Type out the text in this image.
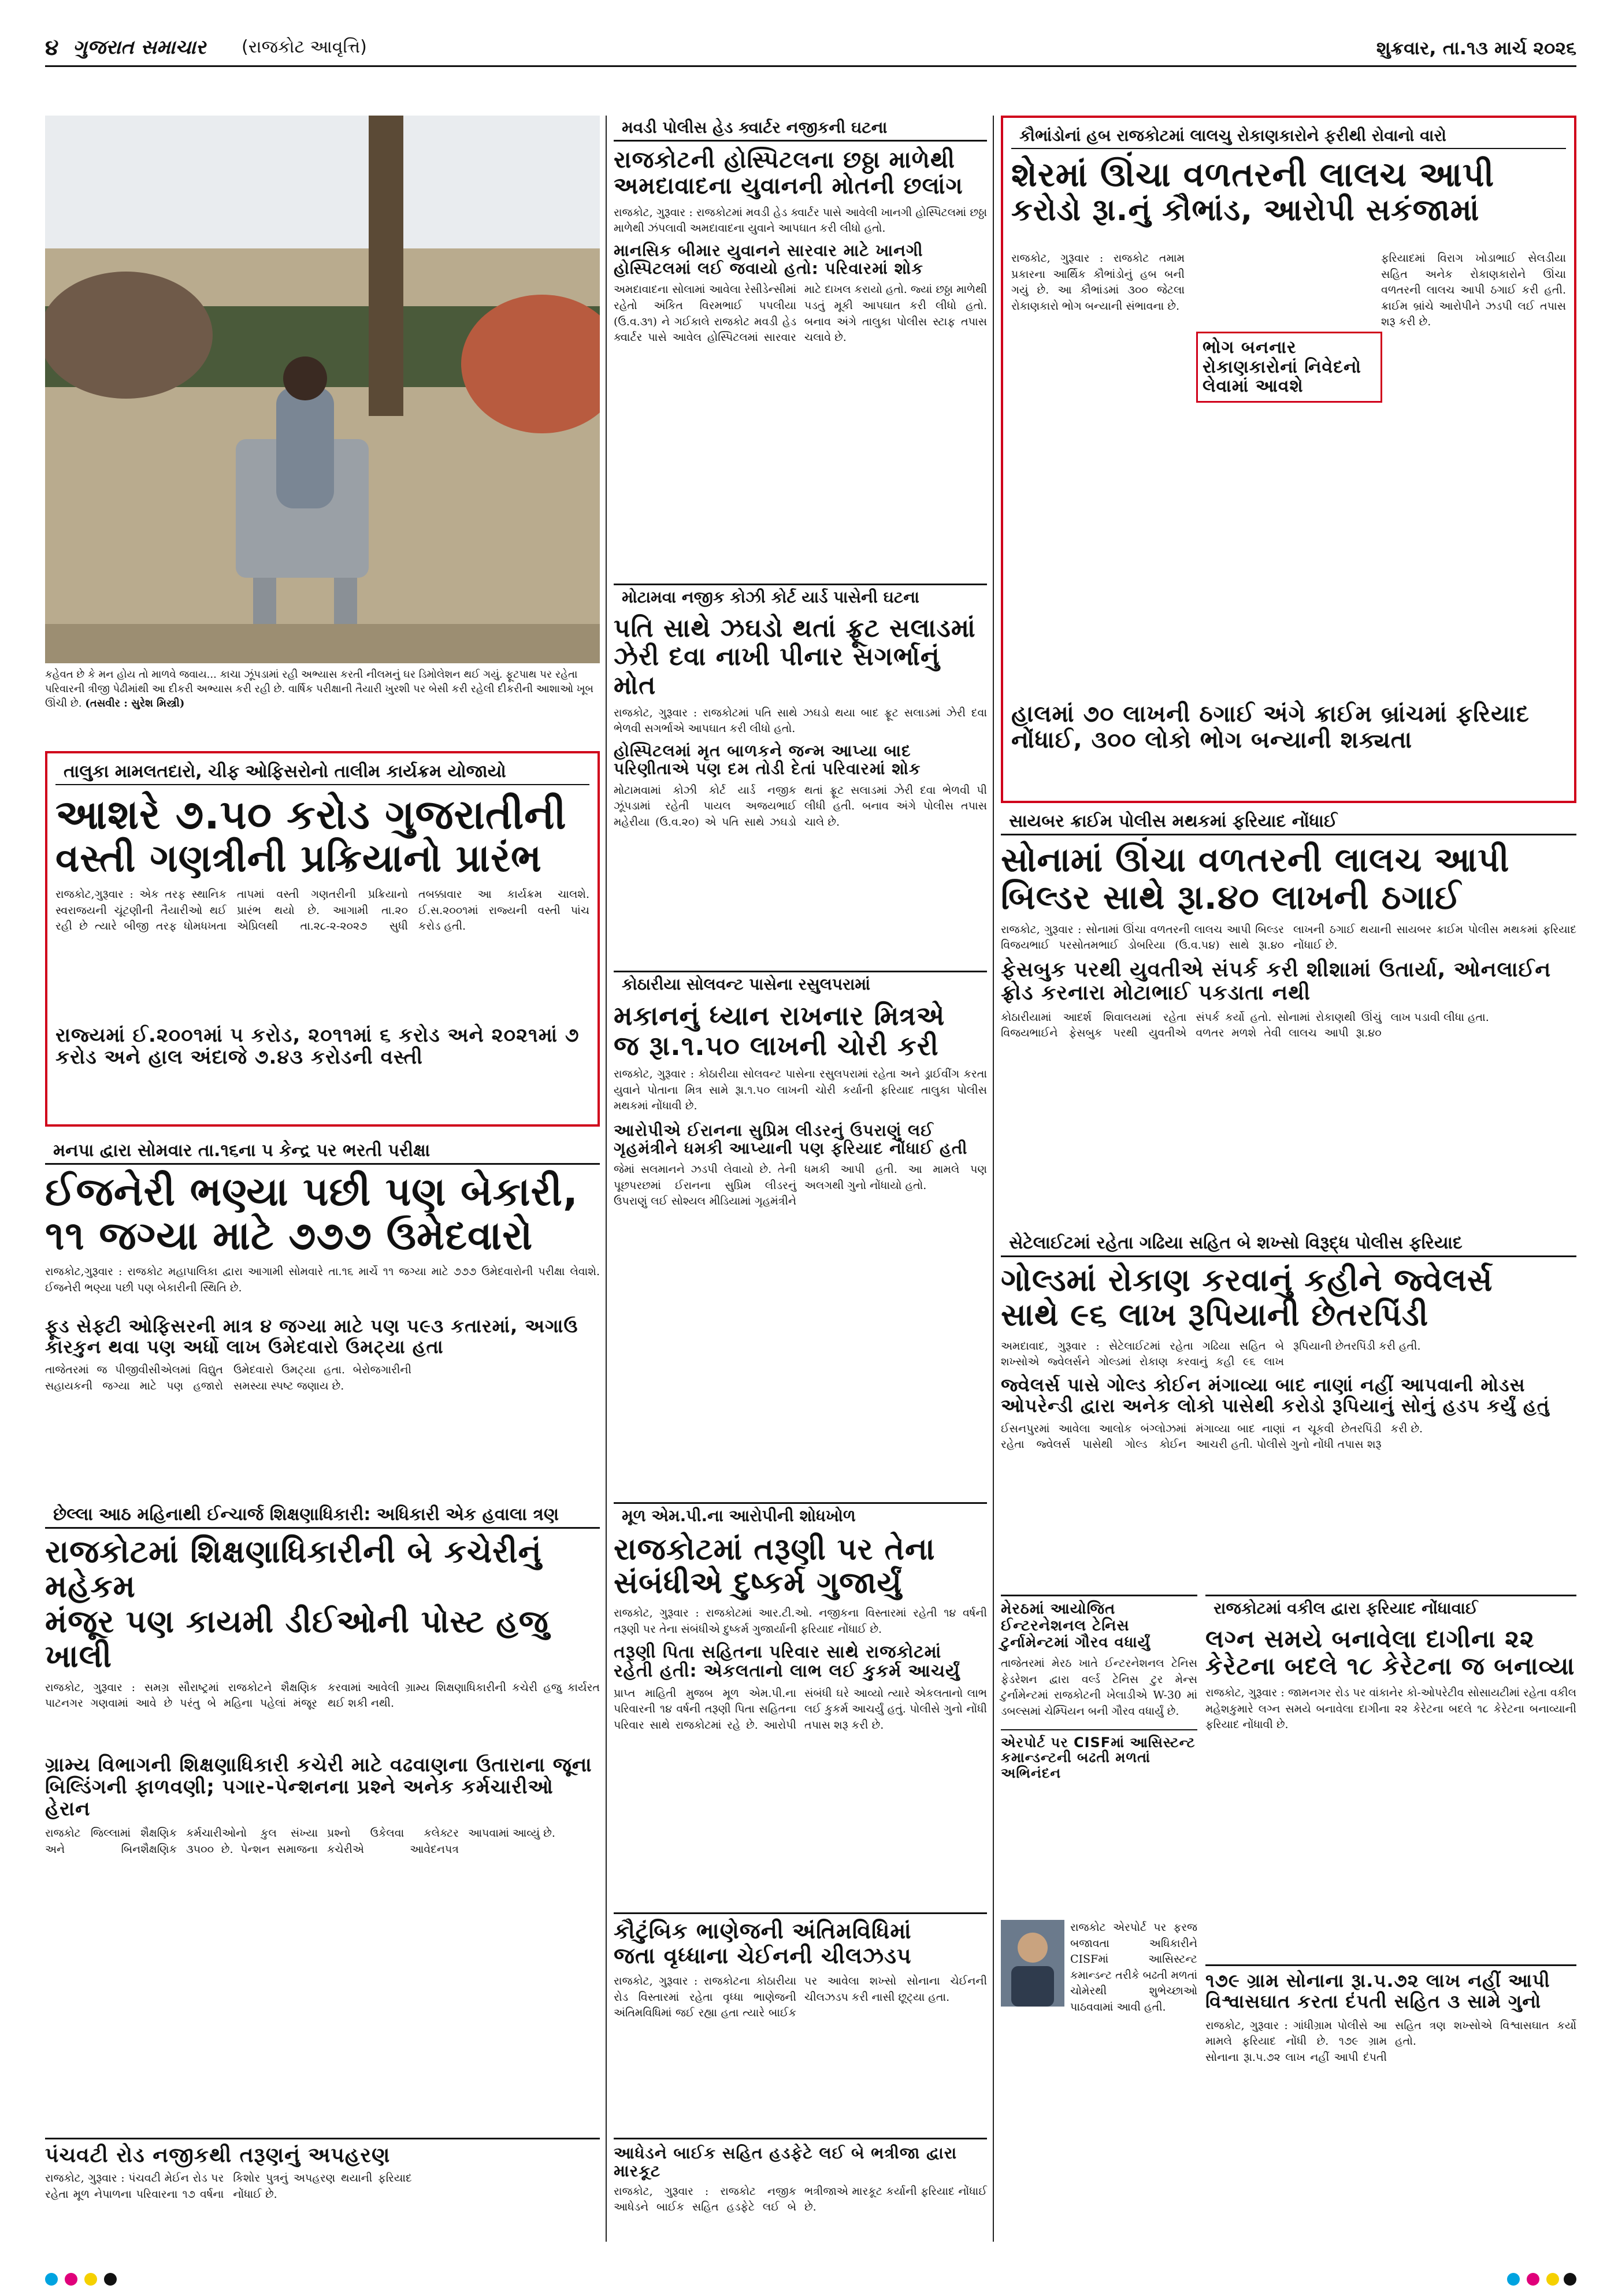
૪ ગુજરાત સમાચાર (રાજકોટ આવૃત્તિ)	શુક્રવાર, તા.૧૩ માર્ચ ૨૦૨૬
કહેવત છે કે મન હોય તો માળવે જવાય... કાચા ઝૂંપડામાં રહી અભ્યાસ કરતી નીલમનું ઘર ડિમોલેશન થઈ ગયું. ફૂટપાથ પર રહેતા પરિવારની ત્રીજી પેઢીમાંથી આ દીકરી અભ્યાસ કરી રહી છે. વાર્ષિક પરીક્ષાની તૈયારી ખુરશી પર બેસી કરી રહેલી દીકરીની આશાઓ ખૂબ ઊંચી છે. (તસવીર : સુરેશ મિસ્ત્રી)
તાલુકા મામલતદારો, ચીફ ઓફિસરોનો તાલીમ કાર્યક્રમ યોજાયો
આશરે ૭.૫૦ કરોડ ગુજરાતીની
વસ્તી ગણત્રીની પ્રક્રિયાનો પ્રારંભ

રાજકોટ,ગુરૂવાર : એક તરફ સ્થાનિક સ્વરાજયની ચૂંટણીની તૈયારીઓ થઈ રહી છે ત્યારે બીજી તરફ ધોમધખતા તાપમાં વસ્તી ગણતરીની પ્રક્રિયાનો પ્રારંભ થયો છે. આગામી તા.૨૦ એપ્રિલથી તા.૨૮-૨-૨૦૨૭ સુધી તબક્કાવાર આ કાર્યક્રમ ચાલશે. ઈ.સ.૨૦૦૧માં રાજ્યની વસ્તી પાંચ કરોડ હતી.

રાજ્યમાં ઈ.૨૦૦૧માં ૫ કરોડ, ૨૦૧૧માં ૬ કરોડ અને ૨૦૨૧માં ૭ કરોડ અને હાલ અંદાજે ૭.૪૩ કરોડની વસ્તી

મનપા દ્વારા સોમવાર તા.૧૬ના ૫ કેન્દ્ર પર ભરતી પરીક્ષા
ઈજનેરી ભણ્યા પછી પણ બેકારી,
૧૧ જગ્યા માટે ૭૭૭ ઉમેદવારો

રાજકોટ,ગુરૂવાર : રાજકોટ મહાપાલિકા દ્વારા આગામી સોમવારે તા.૧૬ માર્ચે ૧૧ જગ્યા માટે ૭૭૭ ઉમેદવારોની પરીક્ષા લેવાશે. ઈજનેરી ભણ્યા પછી પણ બેકારીની સ્થિતિ છે.

ફૂડ સેફ્ટી ઓફિસરની માત્ર ૪ જગ્યા માટે પણ ૫૯૩ કતારમાં, અગાઉ કારકુન થવા પણ અર્ધો લાખ ઉમેદવારો ઉમટ્યા હતા

તાજેતરમાં જ પીજીવીસીએલમાં વિદ્યુત સહાયકની જગ્યા માટે પણ હજારો ઉમેદવારો ઉમટ્યા હતા. બેરોજગારીની સમસ્યા સ્પષ્ટ જણાય છે.

છેલ્લા આઠ મહિનાથી ઈન્ચાર્જ શિક્ષણાધિકારી: અધિકારી એક હવાલા ત્રણ
રાજકોટમાં શિક્ષણાધિકારીની બે કચેરીનું મહેકમ
મંજૂર પણ કાયમી ડીઈઓની પોસ્ટ હજુ ખાલી

રાજકોટ, ગુરૂવાર : સમગ્ર સૌરાષ્ટ્રમાં રાજકોટને શૈક્ષણિક પાટનગર ગણવામાં આવે છે પરંતુ બે મહિના પહેલાં મંજૂર કરવામાં આવેલી ગ્રામ્ય શિક્ષણાધિકારીની કચેરી હજુ કાર્યરત થઈ શકી નથી.

ગ્રામ્ય વિભાગની શિક્ષણાધિકારી કચેરી માટે વઢવાણના ઉતારાના જૂના બિલ્ડિંગની ફાળવણી; પગાર-પેન્શનના પ્રશ્ને અનેક કર્મચારીઓ હેરાન

રાજકોટ જિલ્લામાં શૈક્ષણિક અને બિનશૈક્ષણિક કર્મચારીઓનો કુલ સંખ્યા ૩૫૦૦ છે. પેન્શન સમાજના પ્રશ્નો ઉકેલવા કલેક્ટર કચેરીએ આવેદનપત્ર આપવામાં આવ્યું છે.

પંચવટી રોડ નજીકથી તરૂણનું અપહરણ

રાજકોટ, ગુરૂવાર : પંચવટી મેઈન રોડ પર રહેતા મૂળ નેપાળના પરિવારના ૧૭ વર્ષના કિશોર પુત્રનું અપહરણ થયાની ફરિયાદ નોંધાઈ છે.

મવડી પોલીસ હેડ ક્વાર્ટર નજીકની ઘટના
રાજકોટની હોસ્પિટલના છઠ્ઠા માળેથી
અમદાવાદના યુવાનની મોતની છલાંગ

રાજકોટ, ગુરૂવાર : રાજકોટમાં મવડી હેડ ક્વાર્ટર પાસે આવેલી ખાનગી હોસ્પિટલમાં છઠ્ઠા માળેથી ઝંપલાવી અમદાવાદના યુવાને આપઘાત કરી લીધો હતો.

માનસિક બીમાર યુવાનને સારવાર માટે ખાનગી હોસ્પિટલમાં લઈ જવાયો હતો: પરિવારમાં શોક

અમદાવાદના સોલામાં આવેલા રેસીડેન્સીમાં રહેતો અંકિત વિરમભાઈ પપલીયા (ઉ.વ.૩૧) ને ગઈકાલે રાજકોટ મવડી હેડ ક્વાર્ટર પાસે આવેલ હોસ્પિટલમાં સારવાર માટે દાખલ કરાયો હતો. જ્યાં છઠ્ઠા માળેથી પડતું મૂકી આપઘાત કરી લીધો હતો. બનાવ અંગે તાલુકા પોલીસ સ્ટાફ તપાસ ચલાવે છે.

મોટામવા નજીક કોઝી કોર્ટ યાર્ડ પાસેની ઘટના
પતિ સાથે ઝઘડો થતાં ફ્રૂટ સલાડમાં
ઝેરી દવા નાખી પીનાર સગર્ભાનું મોત

રાજકોટ, ગુરૂવાર : રાજકોટમાં પતિ સાથે ઝઘડો થયા બાદ ફ્રૂટ સલાડમાં ઝેરી દવા ભેળવી સગર્ભાએ આપઘાત કરી લીધો હતો.

હોસ્પિટલમાં મૃત બાળકને જન્મ આપ્યા બાદ પરિણીતાએ પણ દમ તોડી દેતાં પરિવારમાં શોક

મોટામવામાં કોઝી કોર્ટ યાર્ડ નજીક ઝૂંપડામાં રહેતી પાયલ અજયભાઈ મહેરીયા (ઉ.વ.૨૦) એ પતિ સાથે ઝઘડો થતાં ફ્રૂટ સલાડમાં ઝેરી દવા ભેળવી પી લીધી હતી. બનાવ અંગે પોલીસ તપાસ ચાલે છે.

કોઠારીયા સોલવન્ટ પાસેના રસુલપરામાં
મકાનનું ધ્યાન રાખનાર મિત્રએ
જ રૂા.૧.૫૦ લાખની ચોરી કરી

રાજકોટ, ગુરૂવાર : કોઠારીયા સોલવન્ટ પાસેના રસુલપરામાં રહેતા અને ડ્રાઈવીંગ કરતા યુવાને પોતાના મિત્ર સામે રૂા.૧.૫૦ લાખની ચોરી કર્યાની ફરિયાદ તાલુકા પોલીસ મથકમાં નોંધાવી છે.

આરોપીએ ઈરાનના સુપ્રિમ લીડરનું ઉપરાણું લઈ ગૃહમંત્રીને ધમકી આપ્યાની પણ ફરિયાદ નોંધાઈ હતી

જેમાં સલમાનને ઝડપી લેવાયો છે. તેની પૂછપરછમાં ઈરાનના સુપ્રિમ લીડરનું ઉપરાણું લઈ સોશ્યલ મીડિયામાં ગૃહમંત્રીને ધમકી આપી હતી. આ મામલે પણ અલગથી ગુનો નોંધાયો હતો.

મૂળ એમ.પી.ના આરોપીની શોધખોળ
રાજકોટમાં તરૂણી પર તેના
સંબંધીએ દુષ્કર્મ ગુજાર્યું

રાજકોટ, ગુરૂવાર : રાજકોટમાં આર.ટી.ઓ. નજીકના વિસ્તારમાં રહેતી ૧૪ વર્ષની તરૂણી પર તેના સંબંધીએ દુષ્કર્મ ગુજાર્યાની ફરિયાદ નોંધાઈ છે.

તરૂણી પિતા સહિતના પરિવાર સાથે રાજકોટમાં રહેતી હતી: એકલતાનો લાભ લઈ કુકર્મ આચર્યું

પ્રાપ્ત માહિતી મુજબ મૂળ એમ.પી.ના પરિવારની ૧૪ વર્ષની તરૂણી પિતા સહિતના પરિવાર સાથે રાજકોટમાં રહે છે. આરોપી સંબંધી ઘરે આવ્યો ત્યારે એકલતાનો લાભ લઈ કુકર્મ આચર્યું હતું. પોલીસે ગુનો નોંધી તપાસ શરૂ કરી છે.

કૌટુંબિક ભાણેજની અંતિમવિધિમાં
જતા વૃધ્ધાના ચેઈનની ચીલઝડપ

રાજકોટ, ગુરૂવાર : રાજકોટના કોઠારીયા રોડ વિસ્તારમાં રહેતા વૃધ્ધા ભાણેજની અંતિમવિધિમાં જઈ રહ્યા હતા ત્યારે બાઈક પર આવેલા શખ્સો સોનાના ચેઈનની ચીલઝડપ કરી નાસી છૂટ્યા હતા.

આધેડને બાઈક સહિત હડફેટે લઈ બે ભત્રીજા દ્વારા મારકૂટ

રાજકોટ, ગુરૂવાર : રાજકોટ નજીક આધેડને બાઈક સહિત હડફેટે લઈ બે ભત્રીજાએ મારકૂટ કર્યાની ફરિયાદ નોંધાઈ છે.

કૌભાંડોનાં હબ રાજકોટમાં લાલચુ રોકાણકારોને ફરીથી રોવાનો વારો
શેરમાં ઊંચા વળતરની લાલચ આપી
કરોડો રૂા.નું કૌભાંડ, આરોપી સકંજામાં

રાજકોટ, ગુરૂવાર : રાજકોટ તમામ પ્રકારના આર્થિક કૌભાંડોનું હબ બની ગયું છે. આ કૌભાંડમાં ૩૦૦ જેટલા રોકાણકારો ભોગ બન્યાની સંભાવના છે.

ભોગ બનનાર રોકાણકારોનાં નિવેદનો લેવામાં આવશે

ફરિયાદમાં વિરાગ ખોડાભાઈ સેલડીયા સહિત અનેક રોકાણકારોને ઊંચા વળતરની લાલચ આપી ઠગાઈ કરી હતી. ક્રાઈમ બ્રાંચે આરોપીને ઝડપી લઈ તપાસ શરૂ કરી છે.

હાલમાં ૭૦ લાખની ઠગાઈ અંગે ક્રાઈમ બ્રાંચમાં ફરિયાદ નોંધાઈ, ૩૦૦ લોકો ભોગ બન્યાની શક્યતા

સાયબર ક્રાઈમ પોલીસ મથકમાં ફરિયાદ નોંધાઈ
સોનામાં ઊંચા વળતરની લાલચ આપી
બિલ્ડર સાથે રૂા.૪૦ લાખની ઠગાઈ

રાજકોટ, ગુરૂવાર : સોનામાં ઊંચા વળતરની લાલચ આપી બિલ્ડર વિજયભાઈ પરસોતમભાઈ ડોબરિયા (ઉ.વ.૫૪) સાથે રૂા.૪૦ લાખની ઠગાઈ થયાની સાયબર ક્રાઈમ પોલીસ મથકમાં ફરિયાદ નોંધાઈ છે.

ફેસબુક પરથી યુવતીએ સંપર્ક કરી શીશામાં ઉતાર્યા, ઓનલાઈન ફ્રોડ કરનારા મોટાભાઈ પકડાતા નથી

કોઠારીયામાં આદર્શ શિવાલયમાં રહેતા વિજયભાઈને ફેસબુક પરથી યુવતીએ સંપર્ક કર્યો હતો. સોનામાં રોકાણથી ઊંચું વળતર મળશે તેવી લાલચ આપી રૂા.૪૦ લાખ પડાવી લીધા હતા.

સેટેલાઈટમાં રહેતા ગઢિયા સહિત બે શખ્સો વિરૂદ્ધ પોલીસ ફરિયાદ
ગોલ્ડમાં રોકાણ કરવાનું કહીને જ્વેલર્સ
સાથે ૯૬ લાખ રૂપિયાની છેતરપિંડી

અમદાવાદ, ગુરૂવાર : સેટેલાઈટમાં રહેતા ગઢિયા સહિત બે શખ્સોએ જ્વેલર્સને ગોલ્ડમાં રોકાણ કરવાનું કહી ૯૬ લાખ રૂપિયાની છેતરપિંડી કરી હતી.

જ્વેલર્સ પાસે ગોલ્ડ કોઈન મંગાવ્યા બાદ નાણાં નહીં આપવાની મોડસ ઓપરેન્ડી દ્વારા અનેક લોકો પાસેથી કરોડો રૂપિયાનું સોનું હડપ કર્યું હતું

ઈસનપુરમાં આવેલા આલોક બંગ્લોઝમાં રહેતા જ્વેલર્સ પાસેથી ગોલ્ડ કોઈન મંગાવ્યા બાદ નાણાં ન ચૂકવી છેતરપિંડી આચરી હતી. પોલીસે ગુનો નોંધી તપાસ શરૂ કરી છે.

મેરઠમાં આયોજિત ઈન્ટરનેશનલ ટેનિસ ટુર્નામેન્ટમાં ગૌરવ વધાર્યું

તાજેતરમાં મેરઠ ખાતે ઈન્ટરનેશનલ ટેનિસ ફેડરેશન દ્વારા વર્લ્ડ ટેનિસ ટુર મેન્સ ટુર્નામેન્ટમાં રાજકોટની ખેલાડીએ W-30 માં ડબલ્સમાં ચેમ્પિયન બની ગૌરવ વધાર્યું છે.

એરપોર્ટ પર CISFમાં આસિસ્ટન્ટ કમાન્ડન્ટની બઢતી મળતાં અભિનંદન

રાજકોટ એરપોર્ટ પર ફરજ બજાવતા અધિકારીને CISFમાં આસિસ્ટન્ટ કમાન્ડન્ટ તરીકે બઢતી મળતાં ચોમેરથી શુભેચ્છાઓ પાઠવવામાં આવી હતી.

રાજકોટમાં વકીલ દ્વારા ફરિયાદ નોંધાવાઈ
લગ્ન સમયે બનાવેલા દાગીના ૨૨
કેરેટના બદલે ૧૮ કેરેટના જ બનાવ્યા

રાજકોટ, ગુરૂવાર : જામનગર રોડ પર વાંકાનેર કો-ઓપરેટીવ સોસાયટીમાં રહેતા વકીલ મહેશકુમારે લગ્ન સમયે બનાવેલા દાગીના ૨૨ કેરેટના બદલે ૧૮ કેરેટના બનાવ્યાની ફરિયાદ નોંધાવી છે.

૧૭૯ ગ્રામ સોનાના રૂા.૫.૭૨ લાખ નહીં આપી
વિશ્વાસઘાત કરતા દંપતી સહિત ૩ સામે ગુનો

રાજકોટ, ગુરૂવાર : ગાંધીગ્રામ પોલીસે આ મામલે ફરિયાદ નોંધી છે. ૧૭૯ ગ્રામ સોનાના રૂા.૫.૭૨ લાખ નહીં આપી દંપતી સહિત ત્રણ શખ્સોએ વિશ્વાસઘાત કર્યો હતો.
